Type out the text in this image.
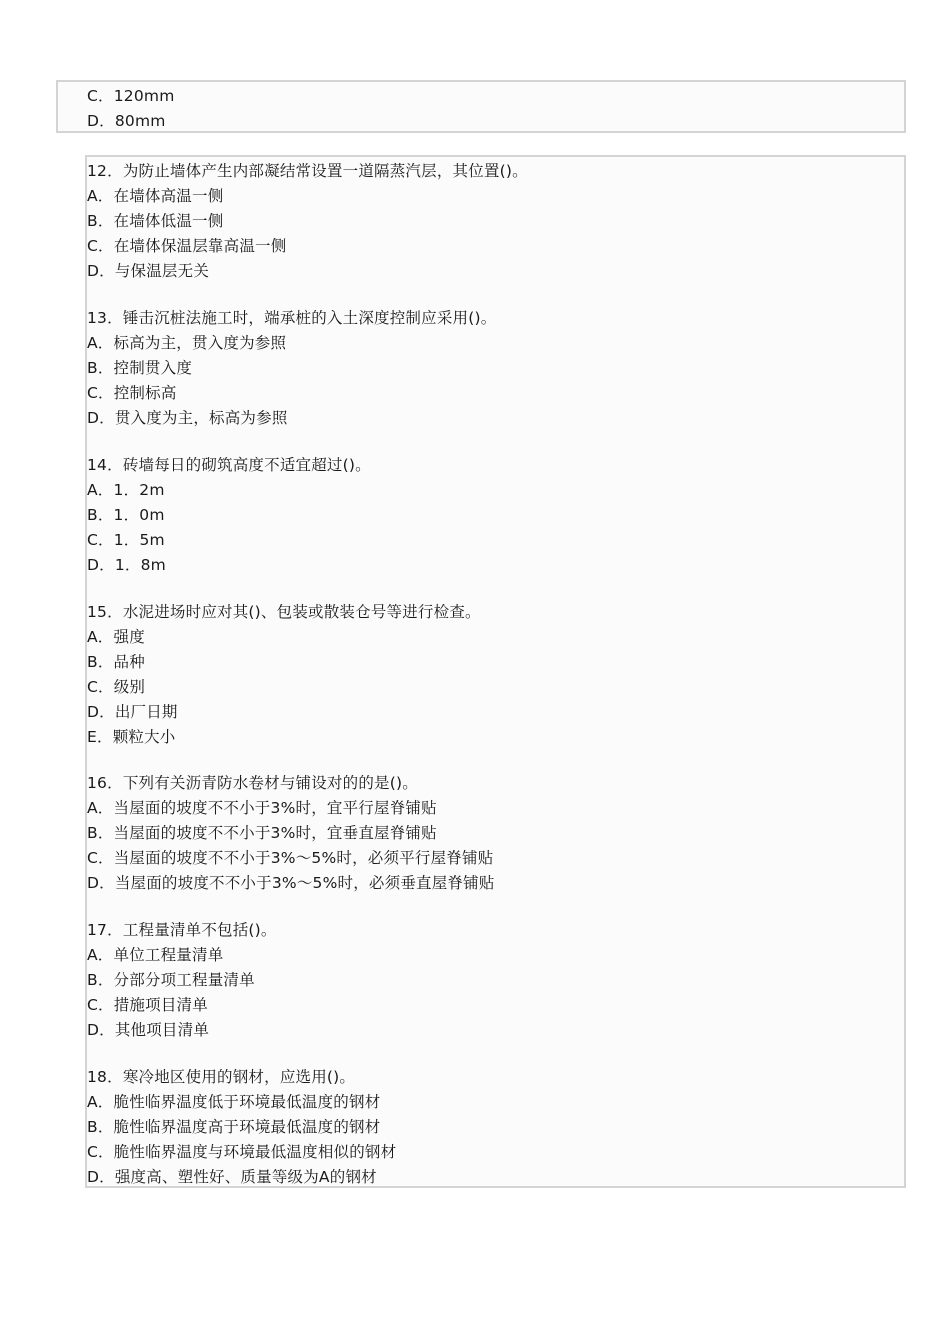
C．120mm
D．80mm
12．为防止墙体产生内部凝结常设置一道隔蒸汽层，其位置()。
A．在墙体高温一侧
B．在墙体低温一侧
C．在墙体保温层靠高温一侧
D．与保温层无关
13．锤击沉桩法施工时，端承桩的入土深度控制应采用()。
A．标高为主，贯入度为参照
B．控制贯入度
C．控制标高
D．贯入度为主，标高为参照
14．砖墙每日的砌筑高度不适宜超过()。
A．1．2m
B．1．0m
C．1．5m
D．1．8m
15．水泥进场时应对其()、包装或散装仓号等进行检查。
A．强度
B．品种
C．级别
D．出厂日期
E．颗粒大小
16．下列有关沥青防水卷材与铺设对的的是()。
A．当屋面的坡度不不小于3%时，宜平行屋脊铺贴
B．当屋面的坡度不不小于3%时，宜垂直屋脊铺贴
C．当屋面的坡度不不小于3%～5%时，必须平行屋脊铺贴
D．当屋面的坡度不不小于3%～5%时，必须垂直屋脊铺贴
17．工程量清单不包括()。
A．单位工程量清单
B．分部分项工程量清单
C．措施项目清单
D．其他项目清单
18．寒冷地区使用的钢材，应选用()。
A．脆性临界温度低于环境最低温度的钢材
B．脆性临界温度高于环境最低温度的钢材
C．脆性临界温度与环境最低温度相似的钢材
D．强度高、塑性好、质量等级为A的钢材
